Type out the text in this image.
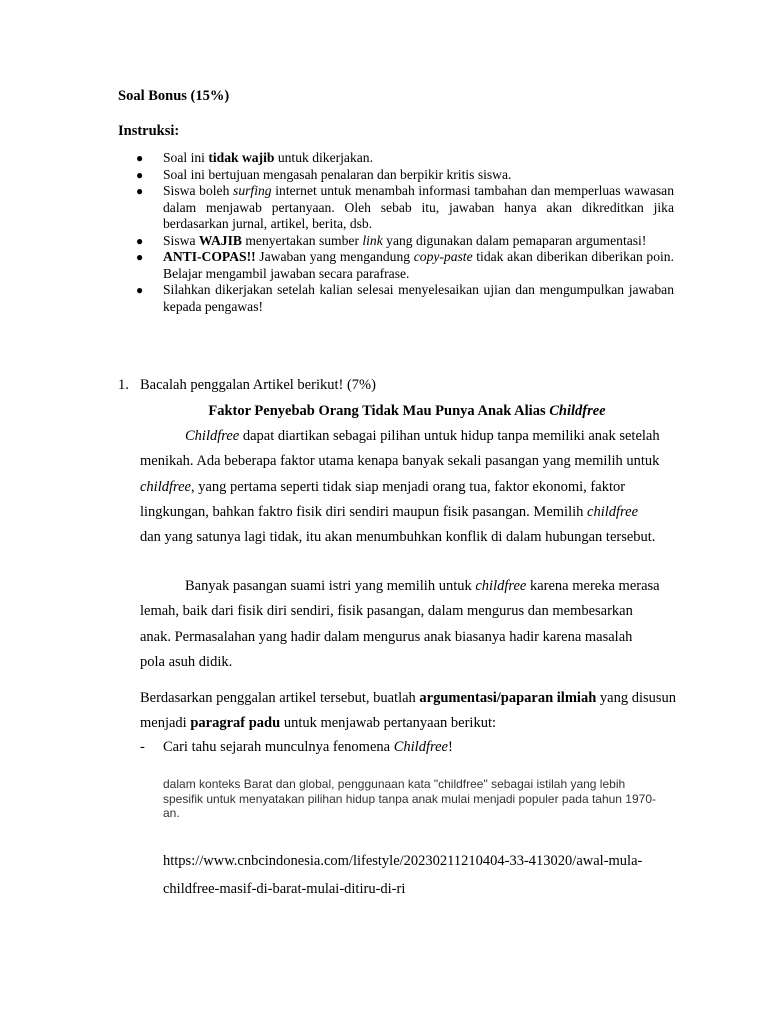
Soal Bonus (15%)
Instruksi:
● Soal ini tidak wajib untuk dikerjakan.
● Soal ini bertujuan mengasah penalaran dan berpikir kritis siswa.
● Siswa boleh surfing internet untuk menambah informasi tambahan dan memperluas wawasan dalam menjawab pertanyaan. Oleh sebab itu, jawaban hanya akan dikreditkan jika berdasarkan jurnal, artikel, berita, dsb.
● Siswa WAJIB menyertakan sumber link yang digunakan dalam pemaparan argumentasi!
● ANTI-COPAS!! Jawaban yang mengandung copy-paste tidak akan diberikan diberikan poin. Belajar mengambil jawaban secara parafrase.
● Silahkan dikerjakan setelah kalian selesai menyelesaikan ujian dan mengumpulkan jawaban kepada pengawas!
1. Bacalah penggalan Artikel berikut! (7%)
Faktor Penyebab Orang Tidak Mau Punya Anak Alias Childfree

Childfree dapat diartikan sebagai pilihan untuk hidup tanpa memiliki anak setelah menikah. Ada beberapa faktor utama kenapa banyak sekali pasangan yang memilih untuk childfree, yang pertama seperti tidak siap menjadi orang tua, faktor ekonomi, faktor lingkungan, bahkan faktro fisik diri sendiri maupun fisik pasangan. Memilih childfree dan yang satunya lagi tidak, itu akan menumbuhkan konflik di dalam hubungan tersebut.

Banyak pasangan suami istri yang memilih untuk childfree karena mereka merasa lemah, baik dari fisik diri sendiri, fisik pasangan, dalam mengurus dan membesarkan anak. Permasalahan yang hadir dalam mengurus anak biasanya hadir karena masalah pola asuh didik.

Berdasarkan penggalan artikel tersebut, buatlah argumentasi/paparan ilmiah yang disusun menjadi paragraf padu untuk menjawab pertanyaan berikut:

- Cari tahu sejarah munculnya fenomena Childfree!

dalam konteks Barat dan global, penggunaan kata "childfree" sebagai istilah yang lebih spesifik untuk menyatakan pilihan hidup tanpa anak mulai menjadi populer pada tahun 1970-an.

https://www.cnbcindonesia.com/lifestyle/20230211210404-33-413020/awal-mula-childfree-masif-di-barat-mulai-ditiru-di-ri
